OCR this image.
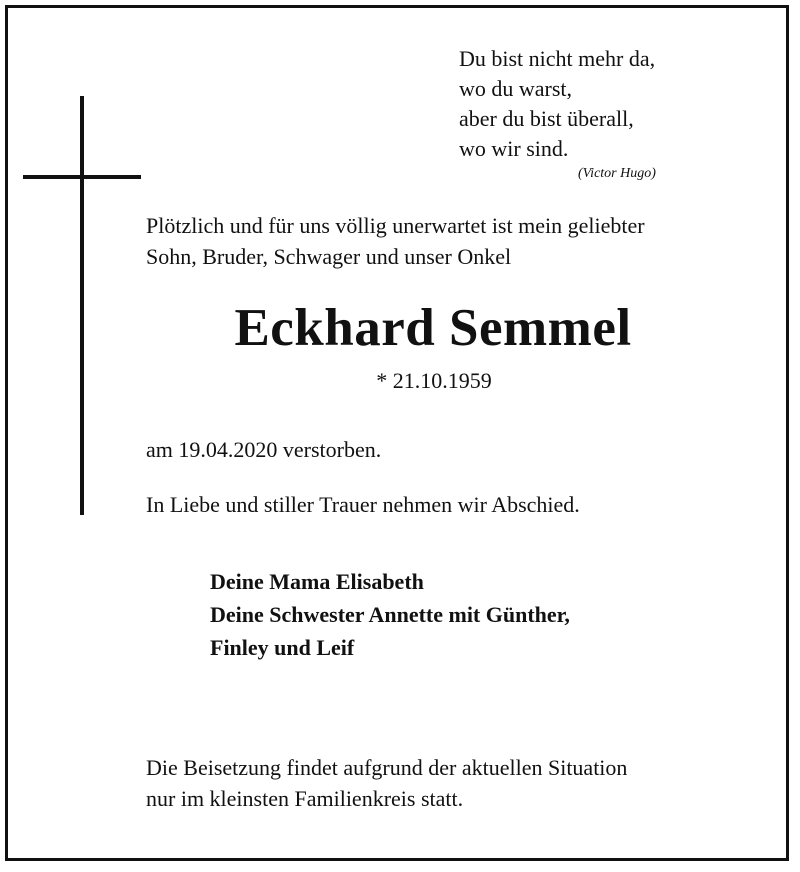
Du bist nicht mehr da,
wo du warst,
aber du bist überall,
wo wir sind.
(Victor Hugo)
Plötzlich und für uns völlig unerwartet ist mein geliebter
Sohn, Bruder, Schwager und unser Onkel
Eckhard Semmel
* 21.10.1959
am 19.04.2020 verstorben.
In Liebe und stiller Trauer nehmen wir Abschied.
Deine Mama Elisabeth
Deine Schwester Annette mit Günther,
Finley und Leif
Die Beisetzung findet aufgrund der aktuellen Situation
nur im kleinsten Familienkreis statt.
